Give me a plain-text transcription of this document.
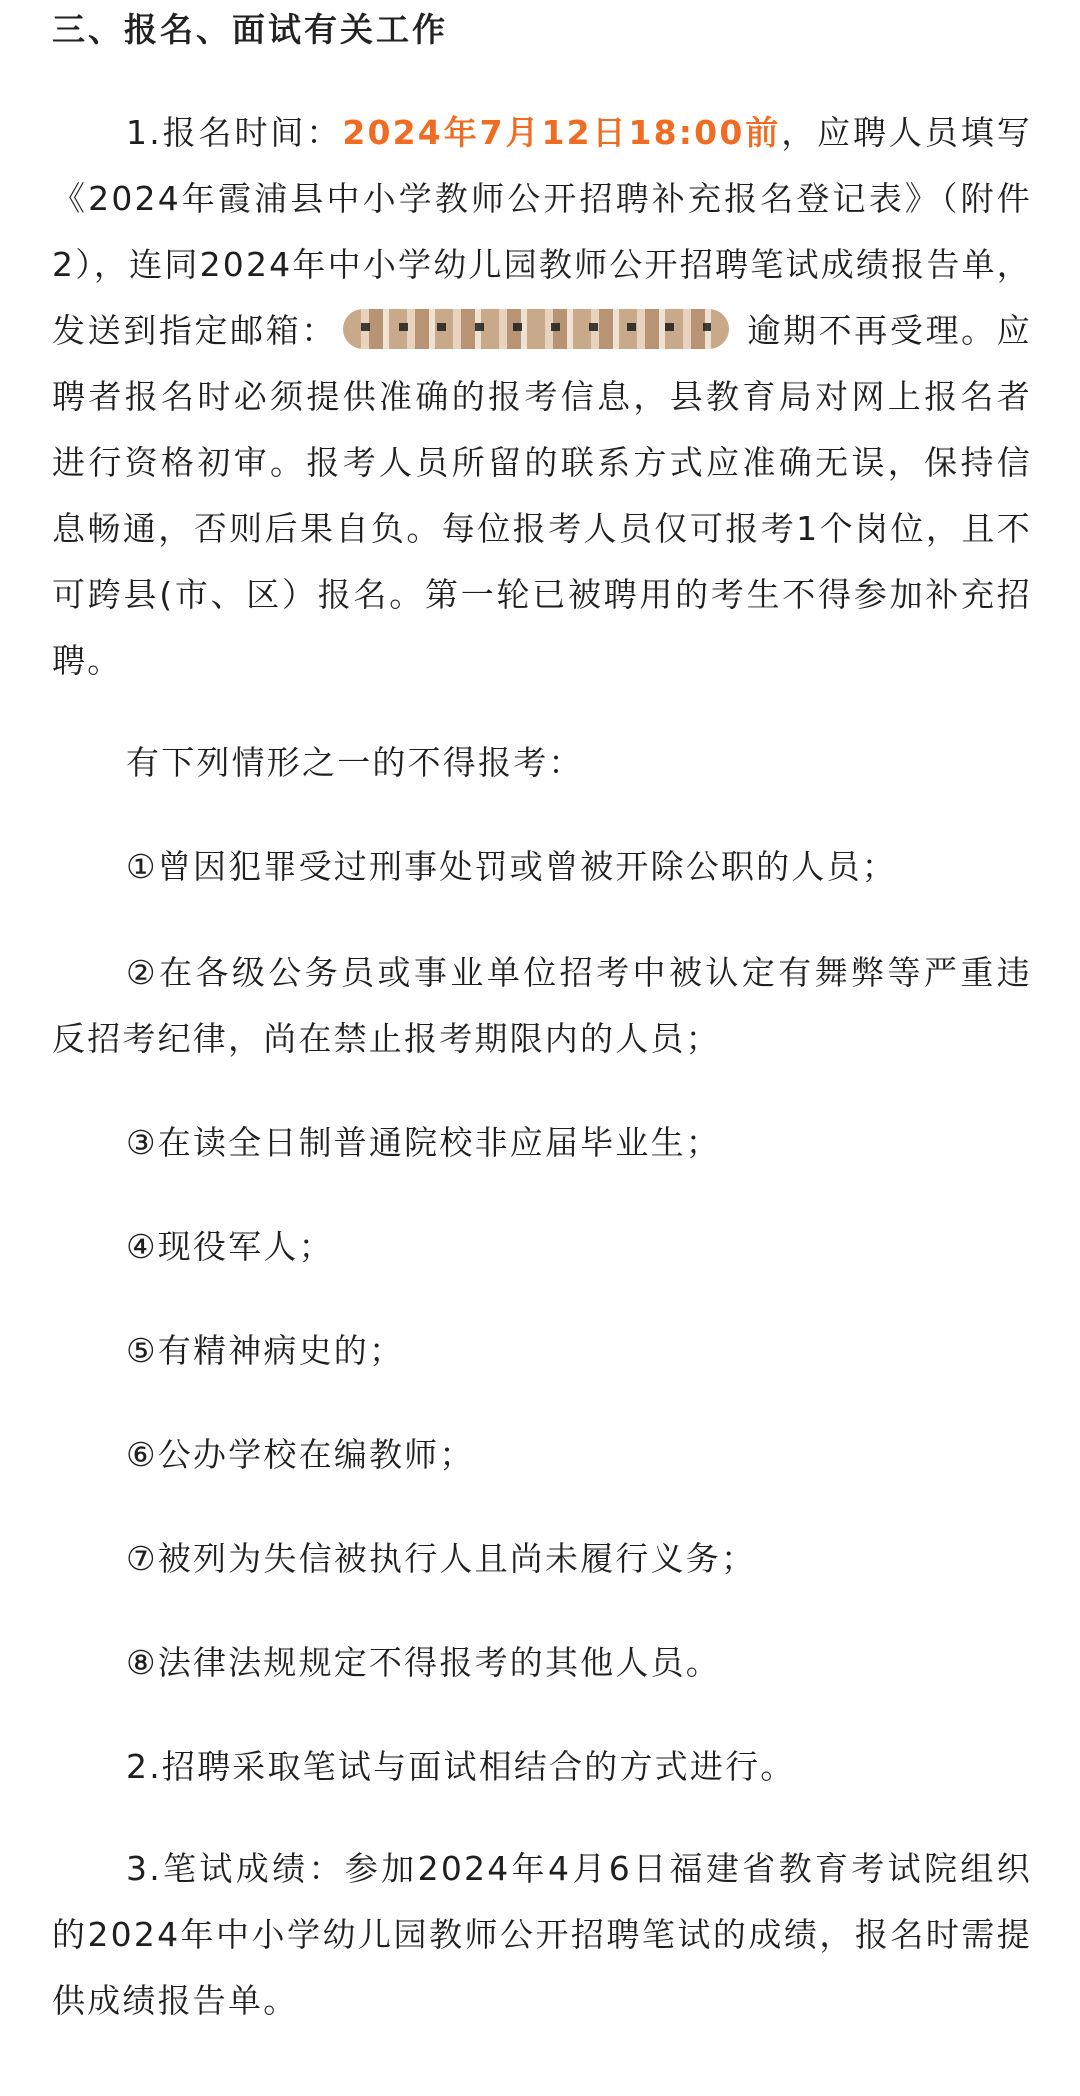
三、报名、面试有关工作

1.报名时间：2024年7月12日18:00前，应聘人员填写《2024年霞浦县中小学教师公开招聘补充报名登记表》（附件2），连同2024年中小学幼儿园教师公开招聘笔试成绩报告单，发送到指定邮箱：	逾期不再受理。应聘者报名时必须提供准确的报考信息，县教育局对网上报名者进行资格初审。报考人员所留的联系方式应准确无误，保持信息畅通，否则后果自负。每位报考人员仅可报考1个岗位，且不可跨县(市、区）报名。第一轮已被聘用的考生不得参加补充招聘。

有下列情形之一的不得报考：

①曾因犯罪受过刑事处罚或曾被开除公职的人员；

②在各级公务员或事业单位招考中被认定有舞弊等严重违反招考纪律，尚在禁止报考期限内的人员；

③在读全日制普通院校非应届毕业生；

④现役军人；

⑤有精神病史的；

⑥公办学校在编教师；

⑦被列为失信被执行人且尚未履行义务；

⑧法律法规规定不得报考的其他人员。

2.招聘采取笔试与面试相结合的方式进行。

3.笔试成绩：参加2024年4月6日福建省教育考试院组织的2024年中小学幼儿园教师公开招聘笔试的成绩，报名时需提供成绩报告单。
